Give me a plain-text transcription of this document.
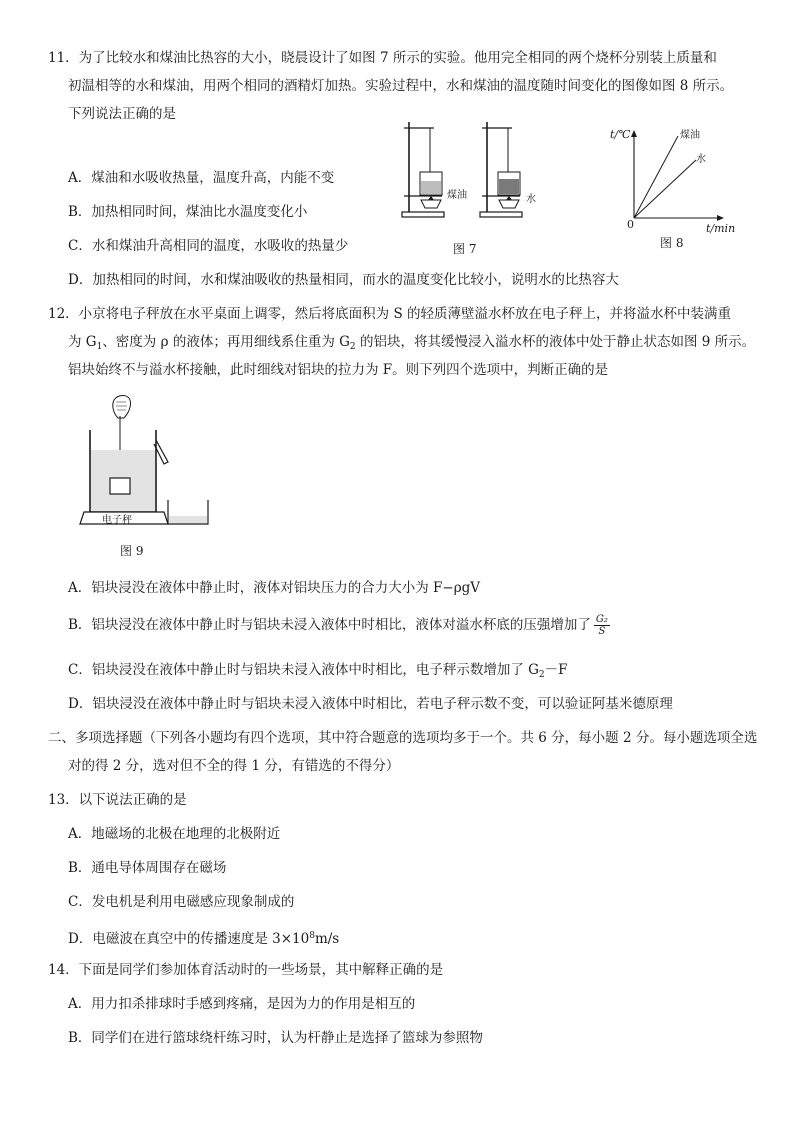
11．为了比较水和煤油比热容的大小，晓晨设计了如图 7 所示的实验。他用完全相同的两个烧杯分别装上质量和
初温相等的水和煤油，用两个相同的酒精灯加热。实验过程中，水和煤油的温度随时间变化的图像如图 8 所示。
下列说法正确的是
A．煤油和水吸收热量，温度升高，内能不变
B．加热相同时间，煤油比水温度变化小
C．水和煤油升高相同的温度，水吸收的热量少
D．加热相同的时间，水和煤油吸收的热量相同，而水的温度变化比较小，说明水的比热容大
煤油	水
图 7
t/℃
t/min
0
煤油
水
图 8
12．小京将电子秤放在水平桌面上调零，然后将底面积为 S 的轻质薄壁溢水杯放在电子秤上，并将溢水杯中装满重
为 $G_1$、密度为 ρ 的液体；再用细线系住重为 $G_2$ 的铝块，将其缓慢浸入溢水杯的液体中处于静止状态如图 9 所示。
铝块始终不与溢水杯接触，此时细线对铝块的拉力为 F。则下列四个选项中，判断正确的是
电子秤
图 9
A．铝块浸没在液体中静止时，液体对铝块压力的合力大小为 F−ρgV
B．铝块浸没在液体中静止时与铝块未浸入液体中时相比，液体对溢水杯底的压强增加了 $\frac{\text{G₂}}{S}$
C．铝块浸没在液体中静止时与铝块未浸入液体中时相比，电子秤示数增加了 $G_2-F$
D．铝块浸没在液体中静止时与铝块未浸入液体中时相比，若电子秤示数不变，可以验证阿基米德原理
二、多项选择题（下列各小题均有四个选项，其中符合题意的选项均多于一个。共 6 分，每小题 2 分。每小题选项全选
对的得 2 分，选对但不全的得 1 分，有错选的不得分）
13．以下说法正确的是
A．地磁场的北极在地理的北极附近
B．通电导体周围存在磁场
C．发电机是利用电磁感应现象制成的
D．电磁波在真空中的传播速度是 $3\times 10^8m/s$
14．下面是同学们参加体育活动时的一些场景，其中解释正确的是
A．用力扣杀排球时手感到疼痛，是因为力的作用是相互的
B．同学们在进行篮球绕杆练习时，认为杆静止是选择了篮球为参照物
